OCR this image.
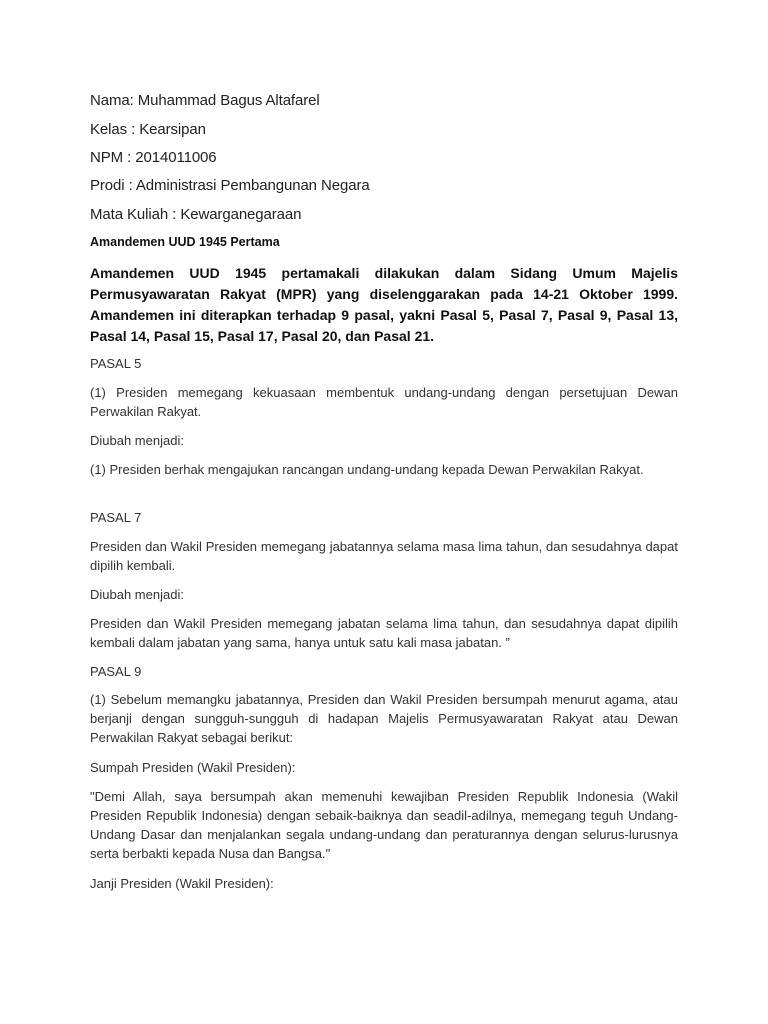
Nama: Muhammad Bagus Altafarel
Kelas : Kearsipan
NPM : 2014011006
Prodi : Administrasi Pembangunan Negara
Mata Kuliah : Kewarganegaraan
Amandemen UUD 1945 Pertama
Amandemen UUD 1945 pertamakali dilakukan dalam Sidang Umum Majelis Permusyawaratan Rakyat (MPR) yang diselenggarakan pada 14-21 Oktober 1999. Amandemen ini diterapkan terhadap 9 pasal, yakni Pasal 5, Pasal 7, Pasal 9, Pasal 13, Pasal 14, Pasal 15, Pasal 17, Pasal 20, dan Pasal 21.
PASAL 5
(1) Presiden memegang kekuasaan membentuk undang-undang dengan persetujuan Dewan Perwakilan Rakyat.
Diubah menjadi:
(1) Presiden berhak mengajukan rancangan undang-undang kepada Dewan Perwakilan Rakyat.
PASAL 7
Presiden dan Wakil Presiden memegang jabatannya selama masa lima tahun, dan sesudahnya dapat dipilih kembali.
Diubah menjadi:
Presiden dan Wakil Presiden memegang jabatan selama lima tahun, dan sesudahnya dapat dipilih kembali dalam jabatan yang sama, hanya untuk satu kali masa jabatan. ”
PASAL 9
(1) Sebelum memangku jabatannya, Presiden dan Wakil Presiden bersumpah menurut agama, atau berjanji dengan sungguh-sungguh di hadapan Majelis Permusyawaratan Rakyat atau Dewan Perwakilan Rakyat sebagai berikut:
Sumpah Presiden (Wakil Presiden):
"Demi Allah, saya bersumpah akan memenuhi kewajiban Presiden Republik Indonesia (Wakil Presiden Republik Indonesia) dengan sebaik-baiknya dan seadil-adilnya, memegang teguh Undang-Undang Dasar dan menjalankan segala undang-undang dan peraturannya dengan selurus-lurusnya serta berbakti kepada Nusa dan Bangsa."
Janji Presiden (Wakil Presiden):
